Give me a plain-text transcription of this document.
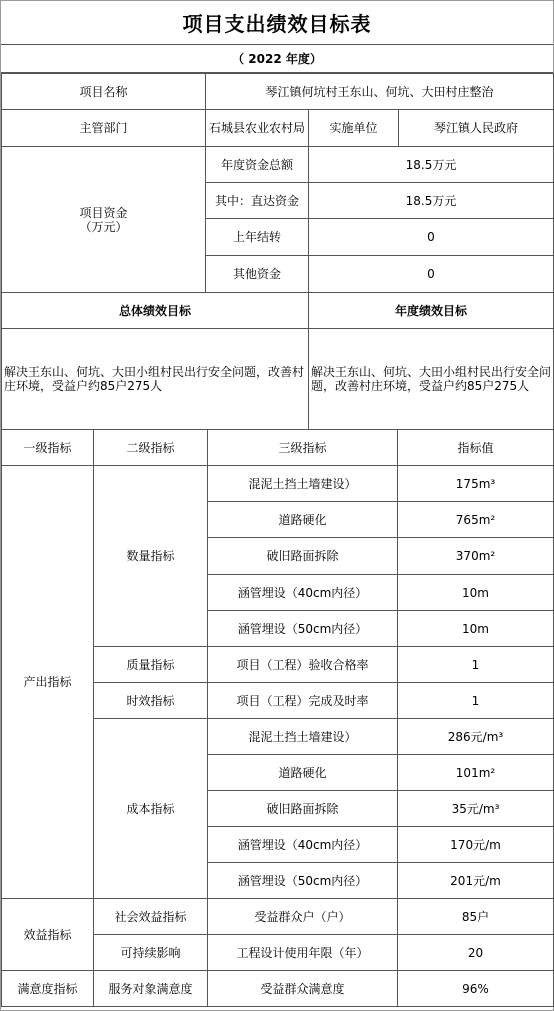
项目支出绩效目标表
（ 2022 年度）
项目名称	琴江镇何坑村王东山、何坑、大田村庄整治		
主管部门	石城县农业农村局	实施单位	琴江镇人民政府
项目资金
（万元）	年度资金总额	18.5万元	
	其中：直达资金	18.5万元	
	上年结转	0	
	其他资金	0	
总体绩效目标		年度绩效目标	
解决王东山、何坑、大田小组村民出行安全问题，改善村庄环境，受益户约85户275人		解决王东山、何坑、大田小组村民出行安全问题，改善村庄环境，受益户约85户275人	
一级指标	二级指标	三级指标	指标值
产出指标	数量指标	混泥土挡土墙建设）	175m³
		道路硬化	765m²
		破旧路面拆除	370m²
		涵管埋设（40cm内径）	10m
		涵管埋设（50cm内径）	10m
	质量指标	项目（工程）验收合格率	1
	时效指标	项目（工程）完成及时率	1
	成本指标	混泥土挡土墙建设）	286元/m³
		道路硬化	101m²
		破旧路面拆除	35元/m³
		涵管埋设（40cm内径）	170元/m
		涵管埋设（50cm内径）	201元/m
效益指标	社会效益指标	受益群众户（户）	85户
	可持续影响	工程设计使用年限（年）	20
满意度指标	服务对象满意度	受益群众满意度	96%
